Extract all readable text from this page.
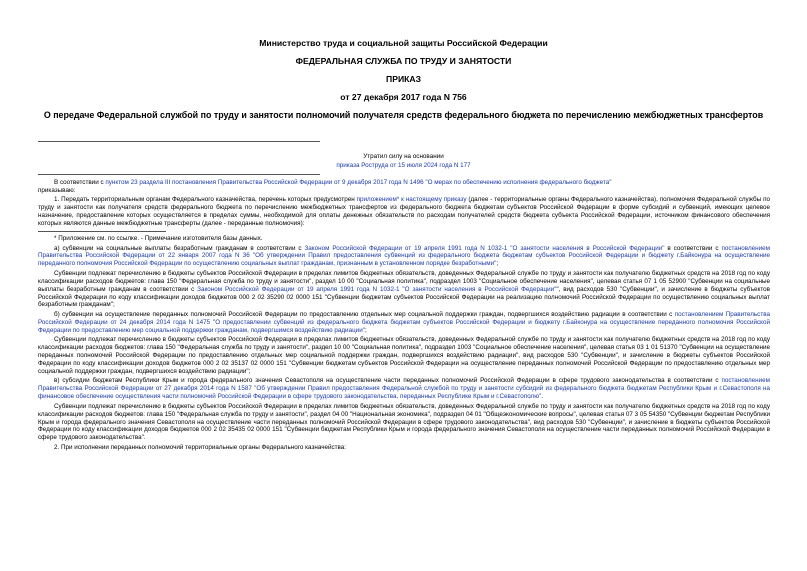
Министерство труда и социальной защиты Российской Федерации
ФЕДЕРАЛЬНАЯ СЛУЖБА ПО ТРУДУ И ЗАНЯТОСТИ
ПРИКАЗ
от 27 декабря 2017 года N 756
О передаче Федеральной службой по труду и занятости полномочий получателя средств федерального бюджета по перечислению межбюджетных трансфертов
Утратил силу на основании
приказа Роструда от 15 июля 2024 года N 177

В соответствии с пунктом 23 раздела III постановления Правительства Российской Федерации от 9 декабря 2017 года N 1496 "О мерах по обеспечению исполнения федерального бюджета"

приказываю:

1. Передать территориальным органам Федерального казначейства, перечень которых предусмотрен приложением* к настоящему приказу (далее - территориальные органы Федерального казначейства), полномочия Федеральной службы по труду и занятости как получателя средств федерального бюджета по перечислению межбюджетных трансфертов из федерального бюджета бюджетам субъектов Российской Федерации в форме субсидий и субвенций, имеющих целевое назначение, предоставление которых осуществляется в пределах суммы, необходимой для оплаты денежных обязательств по расходам получателей средств бюджета субъекта Российской Федерации, источником финансового обеспечения которых являются данные межбюджетные трансферты (далее - переданные полномочия):

* Приложение см. по ссылке. - Примечание изготовителя базы данных.

а) субвенции на социальные выплаты безработным гражданам в соответствии с Законом Российской Федерации от 19 апреля 1991 года N 1032-1 "О занятости населения в Российской Федерации" в соответствии с постановлением Правительства Российской Федерации от 22 января 2007 года N 36 "Об утверждении Правил предоставления субвенций из федерального бюджета бюджетам субъектов Российской Федерации и бюджету г.Байконура на осуществление переданного полномочия Российской Федерации по осуществлению социальных выплат гражданам, признанным в установленном порядке безработными";

Субвенции подлежат перечислению в бюджеты субъектов Российской Федерации в пределах лимитов бюджетных обязательств, доведенных Федеральной службе по труду и занятости как получателю бюджетных средств на 2018 год по коду классификации расходов бюджетов: глава 150 "Федеральная служба по труду и занятости", раздел 10 00 "Социальная политика", подраздел 1003 "Социальное обеспечение населения", целевая статья 07 1 05 52900 "Субвенции на социальные выплаты безработным гражданам в соответствии с Законом Российской Федерации от 19 апреля 1991 года N 1032-1 "О занятости населения в Российской Федерации"", вид расходов 530 "Субвенции", и зачисление в бюджеты субъектов Российской Федерации по коду классификации доходов бюджетов 000 2 02 35290 02 0000 151 "Субвенции бюджетам субъектов Российской Федерации на реализацию полномочий Российской Федерации по осуществлению социальных выплат безработным гражданам";

б) субвенции на осуществление переданных полномочий Российской Федерации по предоставлению отдельных мер социальной поддержки граждан, подвергшихся воздействию радиации в соответствии с постановлением Правительства Российской Федерации от 24 декабря 2014 года N 1475 "О предоставлении субвенций из федерального бюджета бюджетам субъектов Российской Федерации и бюджету г.Байконура на осуществление переданного полномочия Российской Федерации по предоставлению мер социальной поддержки гражданам, подвергшимся воздействию радиации";

Субвенции подлежат перечислению в бюджеты субъектов Российской Федерации в пределах лимитов бюджетных обязательств, доведенных Федеральной службе по труду и занятости как получателю бюджетных средств на 2018 год по коду классификации расходов бюджетов: глава 150 "Федеральная служба по труду и занятости", раздел 10 00 "Социальная политика", подраздел 1003 "Социальное обеспечение населения", целевая статья 03 1 01 51370 "Субвенции на осуществление переданных полномочий Российской Федерации по предоставлению отдельных мер социальной поддержки граждан, подвергшихся воздействию радиации", вид расходов 530 "Субвенции", и зачисление в бюджеты субъектов Российской Федерации по коду классификации доходов бюджетов 000 2 02 35137 02 0000 151 "Субвенции бюджетам субъектов Российской Федерации на осуществление переданных полномочий Российской Федерации по предоставлению отдельных мер социальной поддержки граждан, подвергшихся воздействию радиации";

в) субсидии бюджетам Республики Крым и города федерального значения Севастополя на осуществление части переданных полномочий Российской Федерации в сфере трудового законодательства в соответствии с постановлением Правительства Российской Федерации от 27 декабря 2014 года N 1587 "Об утверждении Правил предоставления Федеральной службой по труду и занятости субсидий из федерального бюджета бюджетам Республики Крым и г.Севастополя на финансовое обеспечение осуществления части полномочий Российской Федерации в сфере трудового законодательства, переданных Республике Крым и г.Севастополю".

Субвенции подлежат перечислению в бюджеты субъектов Российской Федерации в пределах лимитов бюджетных обязательств, доведенных Федеральной службе по труду и занятости как получателю бюджетных средств на 2018 год по коду классификации расходов бюджетов: глава 150 "Федеральная служба по труду и занятости", раздел 04 00 "Национальная экономика", подраздел 04 01 "Общеэкономические вопросы", целевая статья 07 3 05 54350 "Субвенции бюджетам Республики Крым и города федерального значения Севастополя на осуществление части переданных полномочий Российской Федерации в сфере трудового законодательства", вид расходов 530 "Субвенции", и зачисление в бюджеты субъектов Российской Федерации по коду классификации доходов бюджетов 000 2 02 35435 02 0000 151 "Субвенции бюджетам Республики Крым и города федерального значения Севастополя на осуществление части переданных полномочий Российской Федерации в сфере трудового законодательства".

2. При исполнении переданных полномочий территориальные органы Федерального казначейства:
